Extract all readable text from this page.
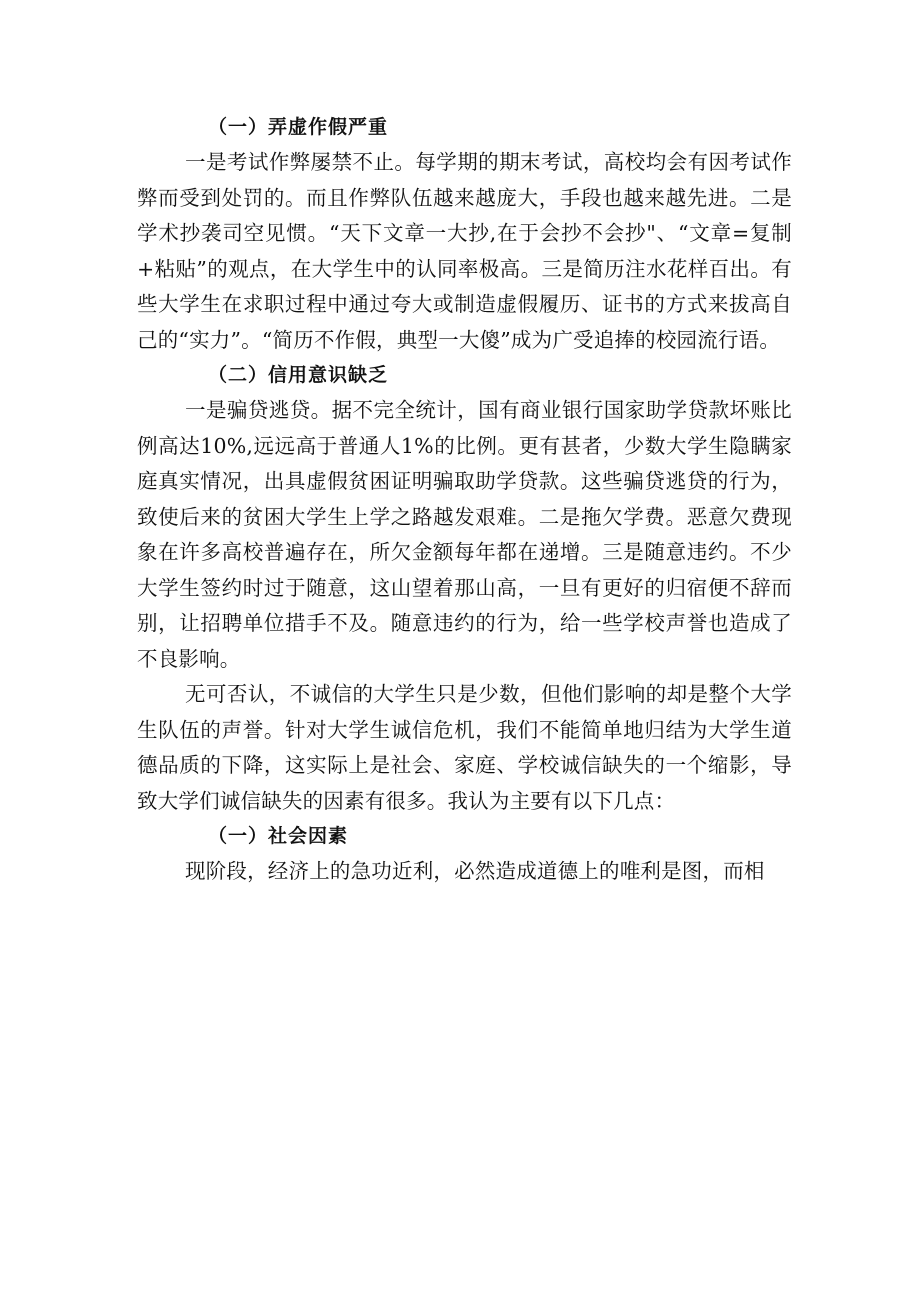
（一）弄虚作假严重

一是考试作弊屡禁不止。每学期的期末考试，高校均会有因考试作弊而受到处罚的。而且作弊队伍越来越庞大，手段也越来越先进。二是学术抄袭司空见惯。“天下文章一大抄,在于会抄不会抄"、“文章=复制+粘贴”的观点，在大学生中的认同率极高。三是简历注水花样百出。有些大学生在求职过程中通过夸大或制造虚假履历、证书的方式来拔高自己的“实力”。“简历不作假，典型一大傻”成为广受追捧的校园流行语。

（二）信用意识缺乏

一是骗贷逃贷。据不完全统计，国有商业银行国家助学贷款坏账比例高达10%,远远高于普通人1%的比例。更有甚者，少数大学生隐瞒家庭真实情况，出具虚假贫困证明骗取助学贷款。这些骗贷逃贷的行为，致使后来的贫困大学生上学之路越发艰难。二是拖欠学费。恶意欠费现象在许多高校普遍存在，所欠金额每年都在递增。三是随意违约。不少大学生签约时过于随意，这山望着那山高，一旦有更好的归宿便不辞而别，让招聘单位措手不及。随意违约的行为，给一些学校声誉也造成了不良影响。

无可否认，不诚信的大学生只是少数，但他们影响的却是整个大学生队伍的声誉。针对大学生诚信危机，我们不能简单地归结为大学生道德品质的下降，这实际上是社会、家庭、学校诚信缺失的一个缩影，导致大学们诚信缺失的因素有很多。我认为主要有以下几点：

（一）社会因素

现阶段，经济上的急功近利，必然造成道德上的唯利是图，而相
